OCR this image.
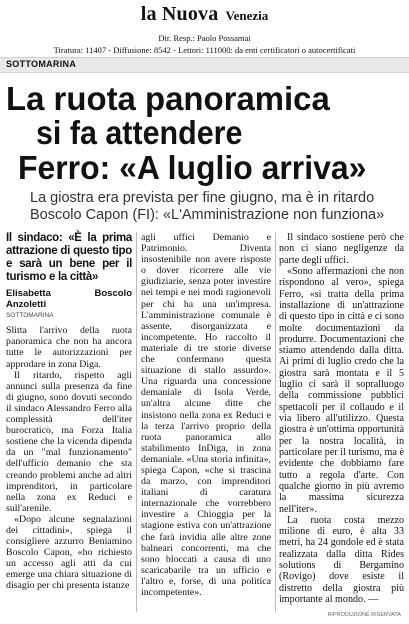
la Nuova Venezia
Dir. Resp.: Paolo Possamai
Tiratura: 11407 - Diffusione: 8542 - Lettori: 111000: da enti certificatori o autocertificati
SOTTOMARINA
La ruota panoramica
si fa attendere
Ferro: «A luglio arriva»
La giostra era prevista per fine giugno, ma è in ritardo
Boscolo Capon (FI): «L'Amministrazione non funziona»
Il sindaco: «È la prima attrazione di questo tipo e sarà un bene per il turismo e la città»
Elisabetta Boscolo Anzoletti
SOTTOMARINA

Slitta l'arrivo della ruota panoramica che non ha ancora tutte le autorizzazioni per approdare in zona Diga.

Il ritardo, rispetto agli annunci sulla presenza da fine di giugno, sono dovuti secondo il sindaco Alessandro Ferro alla complessità dell'iter burocratico, ma Forza Italia sostiene che la vicenda dipenda da un "mal funzionamento" dell'ufficio demanio che sta creando problemi anche ad altri imprenditori, in particolare nella zona ex Reduci e sull'arenile.

«Dopo alcune segnalazioni dei cittadini», spiega il consigliere azzurro Beniamino Boscolo Capon, «ho richiesto un accesso agli atti da cui emerge una chiara situazione di disagio per chi presenta istanze

agli uffici Demanio e Patrimonio. Diventa insostenibile non avere risposte o dover ricorrere alle vie giudiziarie, senza poter investire nei tempi e nei modi ragionevoli per chi ha una un'impresa. L'amministrazione comunale è assente, disorganizzata e incompetente. Ho raccolto il materiale di tre storie diverse che confermano questa situazione di stallo assurdo». Una riguarda una concessione demaniale di Isola Verde, un'altra alcune ditte che insistono nella zona ex Reduci e la terza l'arrivo proprio della ruota panoramica allo stabilimento InDiga, in zona demaniale. «Una storia infinita», spiega Capon, «che si trascina da marzo, con imprenditori italiani di caratura internazionale che vorrebbero investire a Chioggia per la stagione estiva con un'attrazione che farà invidia alle altre zone balneari concorrenti, ma che sono bloccati a causa di uno scaricabarile tra un ufficio e l'altro e, forse, di una politica incompetente».

Il sindaco sostiene però che non ci siano negligenze da parte degli uffici.

«Sono affermazioni che non rispondono al vero», spiega Ferro, «si tratta della prima installazione di un'attrazione di questo tipo in città e ci sono molte documentazioni da produrre. Documentazioni che stiamo attendendo dalla ditta. Ai primi di luglio credo che la giostra sarà montata e il 5 luglio ci sarà il sopralluogo della commissione pubblici spettacoli per il collaudo e il via libero all'utilizzo. Questa giostra è un'ottima opportunità per la nostra località, in particolare per il turismo, ma è evidente che dobbiamo fare tutto a regola d'arte. Con qualche giorno in più avremo la massima sicurezza nell'iter».

La ruota costa mezzo milione di euro, è alta 33 metri, ha 24 gondole ed è stata realizzata dalla ditta Rides solutions di Bergamino (Rovigo) dove esiste il distretto della giostra più importante al mondo. —

RIPRODUZIONE RISERVATA
